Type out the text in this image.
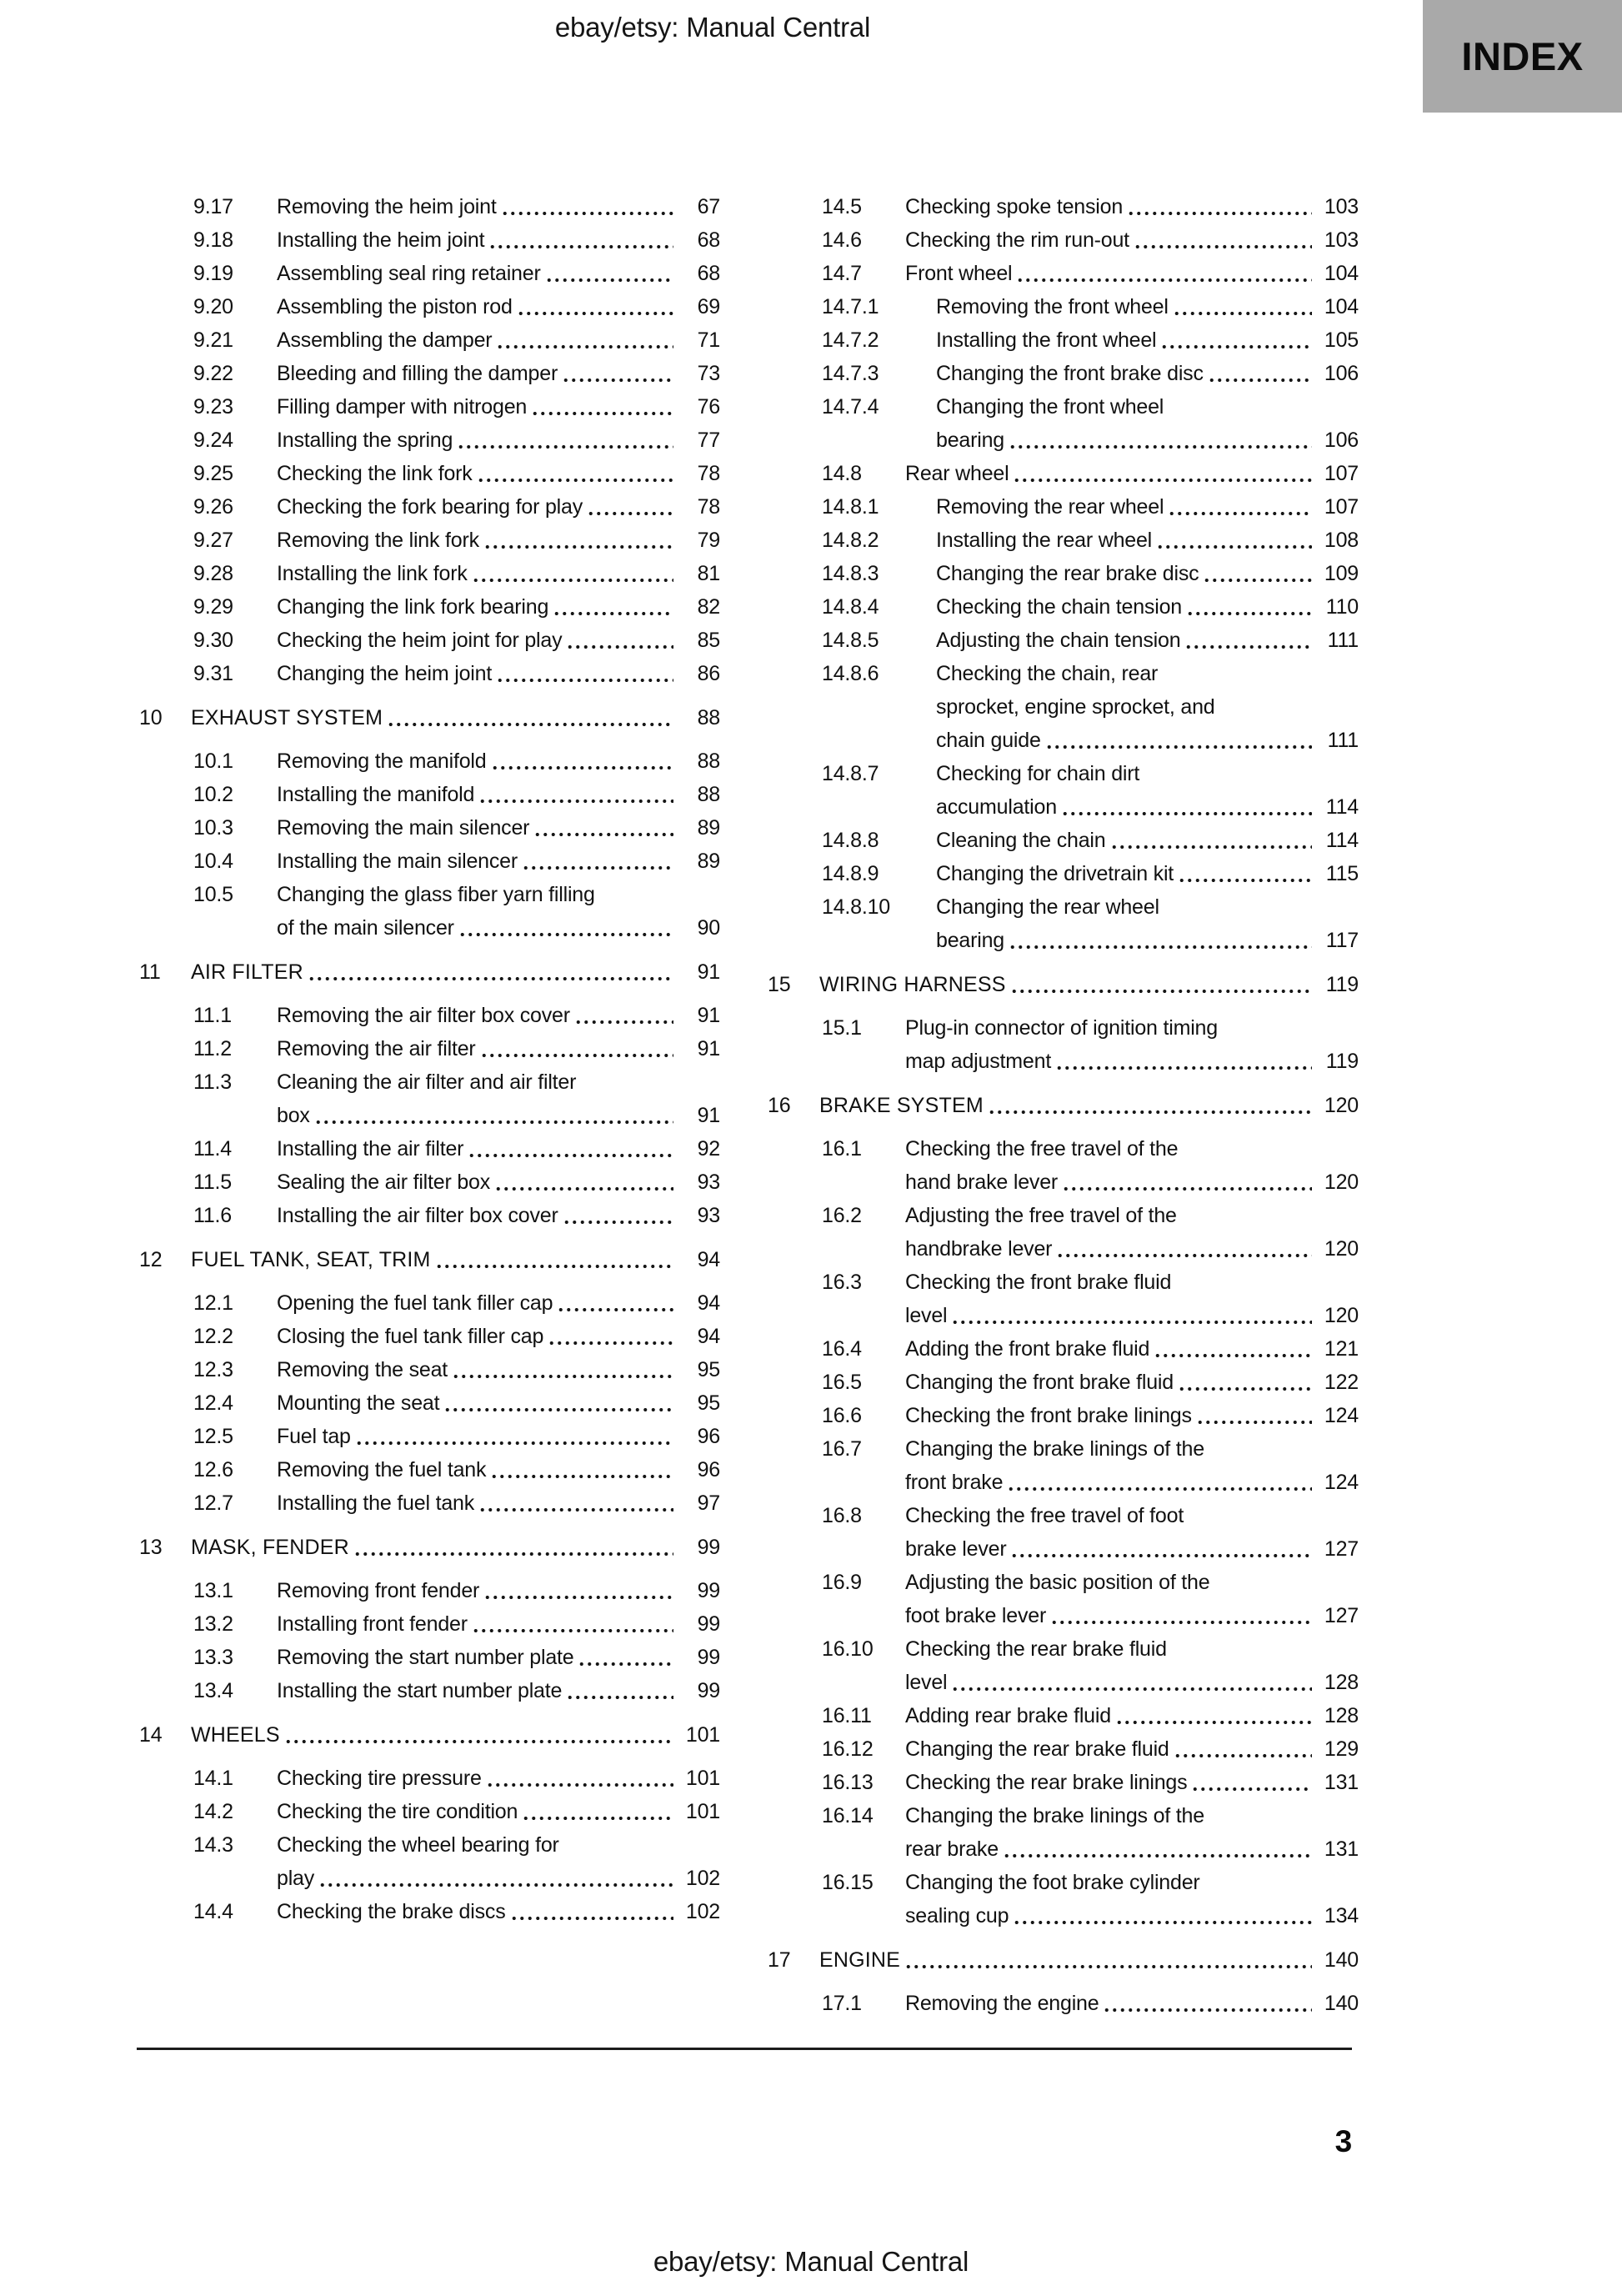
ebay/etsy: Manual Central
INDEX
9.17	Removing the heim joint	67
9.18	Installing the heim joint	68
9.19	Assembling seal ring retainer	68
9.20	Assembling the piston rod	69
9.21	Assembling the damper	71
9.22	Bleeding and filling the damper	73
9.23	Filling damper with nitrogen	76
9.24	Installing the spring	77
9.25	Checking the link fork	78
9.26	Checking the fork bearing for play	78
9.27	Removing the link fork	79
9.28	Installing the link fork	81
9.29	Changing the link fork bearing	82
9.30	Checking the heim joint for play	85
9.31	Changing the heim joint	86
10	EXHAUST SYSTEM	88
10.1	Removing the manifold	88
10.2	Installing the manifold	88
10.3	Removing the main silencer	89
10.4	Installing the main silencer	89
10.5	Changing the glass fiber yarn filling
of the main silencer	90
11	AIR FILTER	91
11.1	Removing the air filter box cover	91
11.2	Removing the air filter	91
11.3	Cleaning the air filter and air filter
box	91
11.4	Installing the air filter	92
11.5	Sealing the air filter box	93
11.6	Installing the air filter box cover	93
12	FUEL TANK, SEAT, TRIM	94
12.1	Opening the fuel tank filler cap	94
12.2	Closing the fuel tank filler cap	94
12.3	Removing the seat	95
12.4	Mounting the seat	95
12.5	Fuel tap	96
12.6	Removing the fuel tank	96
12.7	Installing the fuel tank	97
13	MASK, FENDER	99
13.1	Removing front fender	99
13.2	Installing front fender	99
13.3	Removing the start number plate	99
13.4	Installing the start number plate	99
14	WHEELS	101
14.1	Checking tire pressure	101
14.2	Checking the tire condition	101
14.3	Checking the wheel bearing for
play	102
14.4	Checking the brake discs	102
14.5	Checking spoke tension	103
14.6	Checking the rim run-out	103
14.7	Front wheel	104
14.7.1	Removing the front wheel	104
14.7.2	Installing the front wheel	105
14.7.3	Changing the front brake disc	106
14.7.4	Changing the front wheel
bearing	106
14.8	Rear wheel	107
14.8.1	Removing the rear wheel	107
14.8.2	Installing the rear wheel	108
14.8.3	Changing the rear brake disc	109
14.8.4	Checking the chain tension	110
14.8.5	Adjusting the chain tension	111
14.8.6	Checking the chain, rear
sprocket, engine sprocket, and
chain guide	111
14.8.7	Checking for chain dirt
accumulation	114
14.8.8	Cleaning the chain	114
14.8.9	Changing the drivetrain kit	115
14.8.10	Changing the rear wheel
bearing	117
15	WIRING HARNESS	119
15.1	Plug-in connector of ignition timing
map adjustment	119
16	BRAKE SYSTEM	120
16.1	Checking the free travel of the
hand brake lever	120
16.2	Adjusting the free travel of the
handbrake lever	120
16.3	Checking the front brake fluid
level	120
16.4	Adding the front brake fluid	121
16.5	Changing the front brake fluid	122
16.6	Checking the front brake linings	124
16.7	Changing the brake linings of the
front brake	124
16.8	Checking the free travel of foot
brake lever	127
16.9	Adjusting the basic position of the
foot brake lever	127
16.10	Checking the rear brake fluid
level	128
16.11	Adding rear brake fluid	128
16.12	Changing the rear brake fluid	129
16.13	Checking the rear brake linings	131
16.14	Changing the brake linings of the
rear brake	131
16.15	Changing the foot brake cylinder
sealing cup	134
17	ENGINE	140
17.1	Removing the engine	140
3
ebay/etsy: Manual Central
